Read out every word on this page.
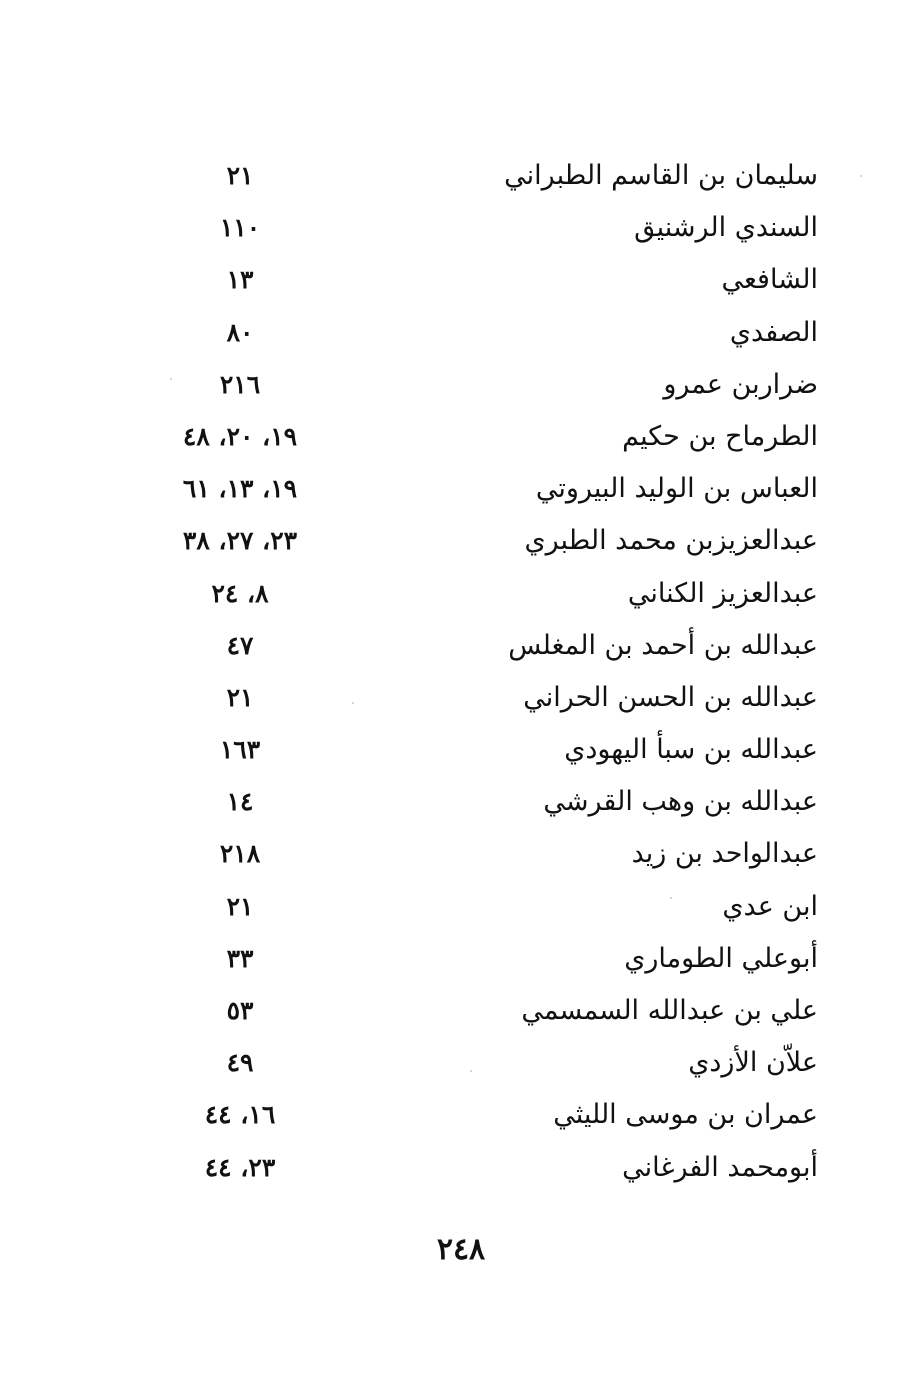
سليمان بن القاسم الطبراني
٢١
السندي الرشنيق
١١٠
الشافعي
١٣
الصفدي
٨٠
ضراربن عمرو
٢١٦
الطرماح بن حكيم
١٩، ٢٠، ٤٨
العباس بن الوليد البيروتي
١٩، ١٣، ٦١
عبدالعزيزبن محمد الطبري
٢٣، ٢٧، ٣٨
عبدالعزيز الكناني
٨، ٢٤
عبدالله بن أحمد بن المغلس
٤٧
عبدالله بن الحسن الحراني
٢١
عبدالله بن سبأ اليهودي
١٦٣
عبدالله بن وهب القرشي
١٤
عبدالواحد بن زيد
٢١٨
ابن عدي
٢١
أبوعلي الطوماري
٣٣
علي بن عبدالله السمسمي
٥٣
علاّن الأزدي
٤٩
عمران بن موسى الليثي
١٦، ٤٤
أبومحمد الفرغاني
٢٣، ٤٤
٢٤٨
